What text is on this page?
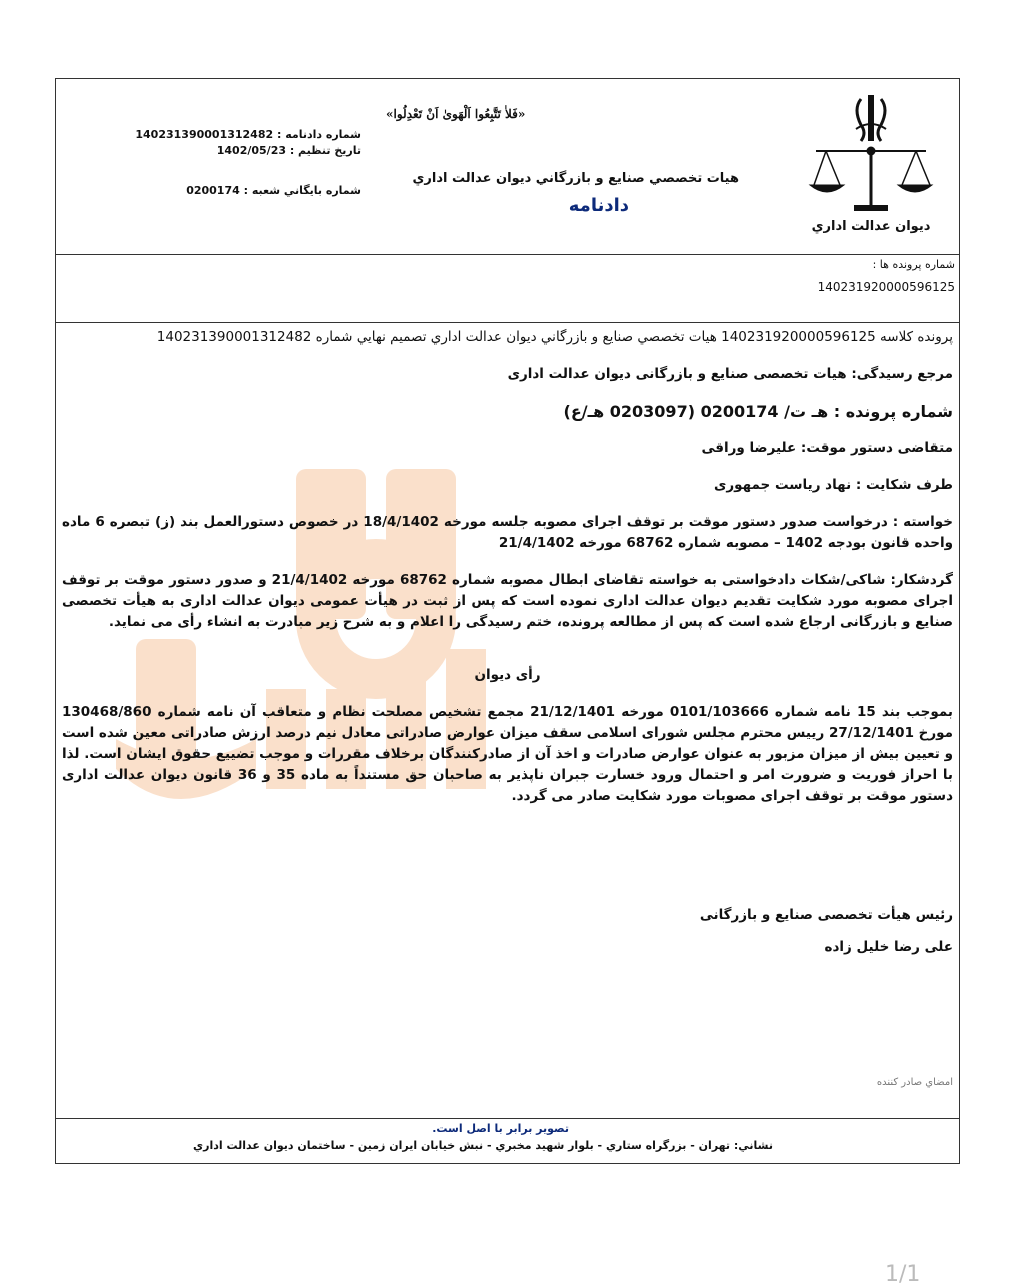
ديوان عدالت اداري
«فَلاٰ تَتَّبِعُوا اَلْهَوىٰ اَنْ تَعْدِلُوا»
هيات تخصصي صنايع و بازرگاني ديوان عدالت اداري
دادنامه
شماره دادنامه : 140231390001312482
تاريخ تنظيم : 1402/05/23
شماره بايگاني شعبه : 0200174
شماره پرونده ها :
140231920000596125

پرونده كلاسه 140231920000596125 هيات تخصصي صنايع و بازرگاني ديوان عدالت اداري تصميم نهايي شماره 140231390001312482

مرجع رسيدگی: هيات تخصصی صنايع و بازرگانی ديوان عدالت اداری

شماره پرونده : هـ ت/ 0200174 (0203097 هـ/ع)

متقاضی دستور موقت: عليرضا وراقی

طرف شکايت : نهاد رياست جمهوری

خواسته : درخواست صدور دستور موقت بر توقف اجرای مصوبه جلسه مورخه 18/4/1402 در خصوص دستورالعمل بند (ز) تبصره 6 ماده واحده قانون بودجه 1402 – مصوبه شماره 68762 مورخه 21/4/1402

گردشکار: شاکی/شکات دادخواستی به خواسته تقاضای ابطال مصوبه شماره 68762 مورخه 21/4/1402 و صدور دستور موقت بر توقف اجرای مصوبه مورد شکايت تقديم ديوان عدالت اداری نموده است که پس از ثبت در هيأت عمومی ديوان عدالت اداری به هيأت تخصصی صنايع و بازرگانی ارجاع شده است که پس از مطالعه پرونده، ختم رسيدگی را اعلام و به شرح زير مبادرت به انشاء رأی می نمايد.

رأی ديوان

بموجب بند 15 نامه شماره 0101/103666 مورخه 21/12/1401 مجمع تشخيص مصلحت نظام و متعاقب آن نامه شماره 130468/860 مورخ 27/12/1401 رييس محترم مجلس شورای اسلامی سقف ميزان عوارض صادراتی معادل نيم درصد ارزش صادراتی معين شده است و تعيين بيش از ميزان مزبور به عنوان عوارض صادرات و اخذ آن از صادرکنندگان برخلاف مقررات و موجب تضييع حقوق ايشان است. لذا با احراز فوريت و ضرورت امر و احتمال ورود خسارت جبران ناپذير به صاحبان حق مستنداً به ماده 35 و 36 قانون ديوان عدالت اداری دستور موقت بر توقف اجرای مصوبات مورد شکايت صادر می گردد.

رئيس هيأت تخصصی صنايع و بازرگانی
علی رضا خليل زاده
امضاي صادر كننده
تصوير برابر با اصل است.
نشاني: تهران - بزرگراه ستاري - بلوار شهيد مخبري - نبش خيابان ايران زمين - ساختمان ديوان عدالت اداري
1/1
